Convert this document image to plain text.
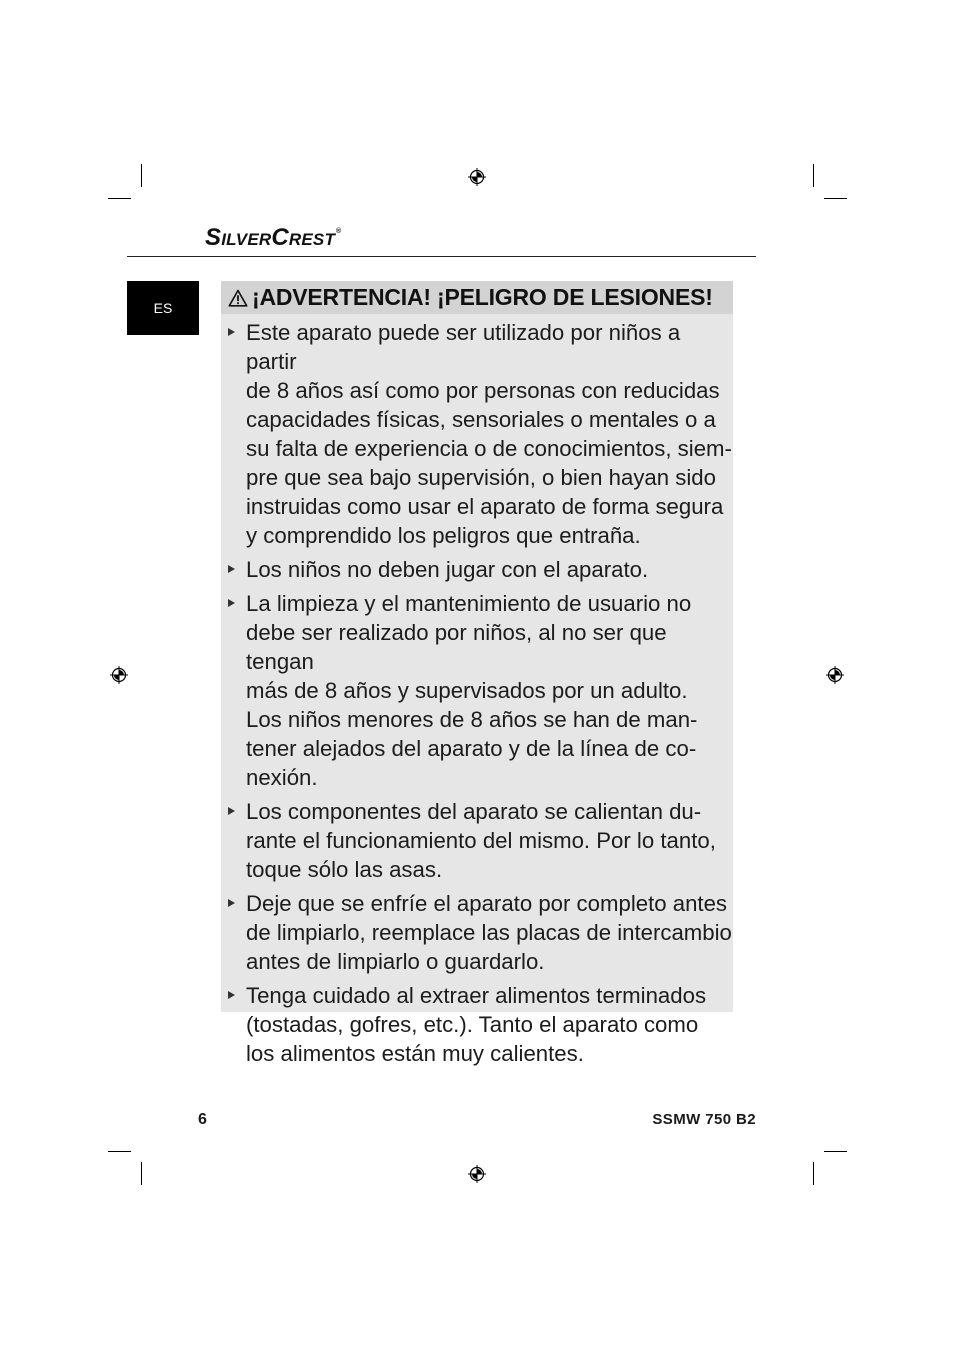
SILVERCREST®
ES	¡ADVERTENCIA! ¡PELIGRO DE LESIONES!
Este aparato puede ser utilizado por niños a partir
de 8 años así como por personas con reducidas
capacidades físicas, sensoriales o mentales o a
su falta de experiencia o de conocimientos, siem-
pre que sea bajo supervisión, o bien hayan sido
instruidas como usar el aparato de forma segura
y comprendido los peligros que entraña.
Los niños no deben jugar con el aparato.
La limpieza y el mantenimiento de usuario no
debe ser realizado por niños, al no ser que tengan
más de 8 años y supervisados por un adulto.
Los niños menores de 8 años se han de man-
tener alejados del aparato y de la línea de co-
nexión.
Los componentes del aparato se calientan du-
rante el funcionamiento del mismo. Por lo tanto,
toque sólo las asas.
Deje que se enfríe el aparato por completo antes
de limpiarlo, reemplace las placas de intercambio
antes de limpiarlo o guardarlo.
Tenga cuidado al extraer alimentos terminados
(tostadas, gofres, etc.). Tanto el aparato como
los alimentos están muy calientes.
6	SSMW 750 B2
